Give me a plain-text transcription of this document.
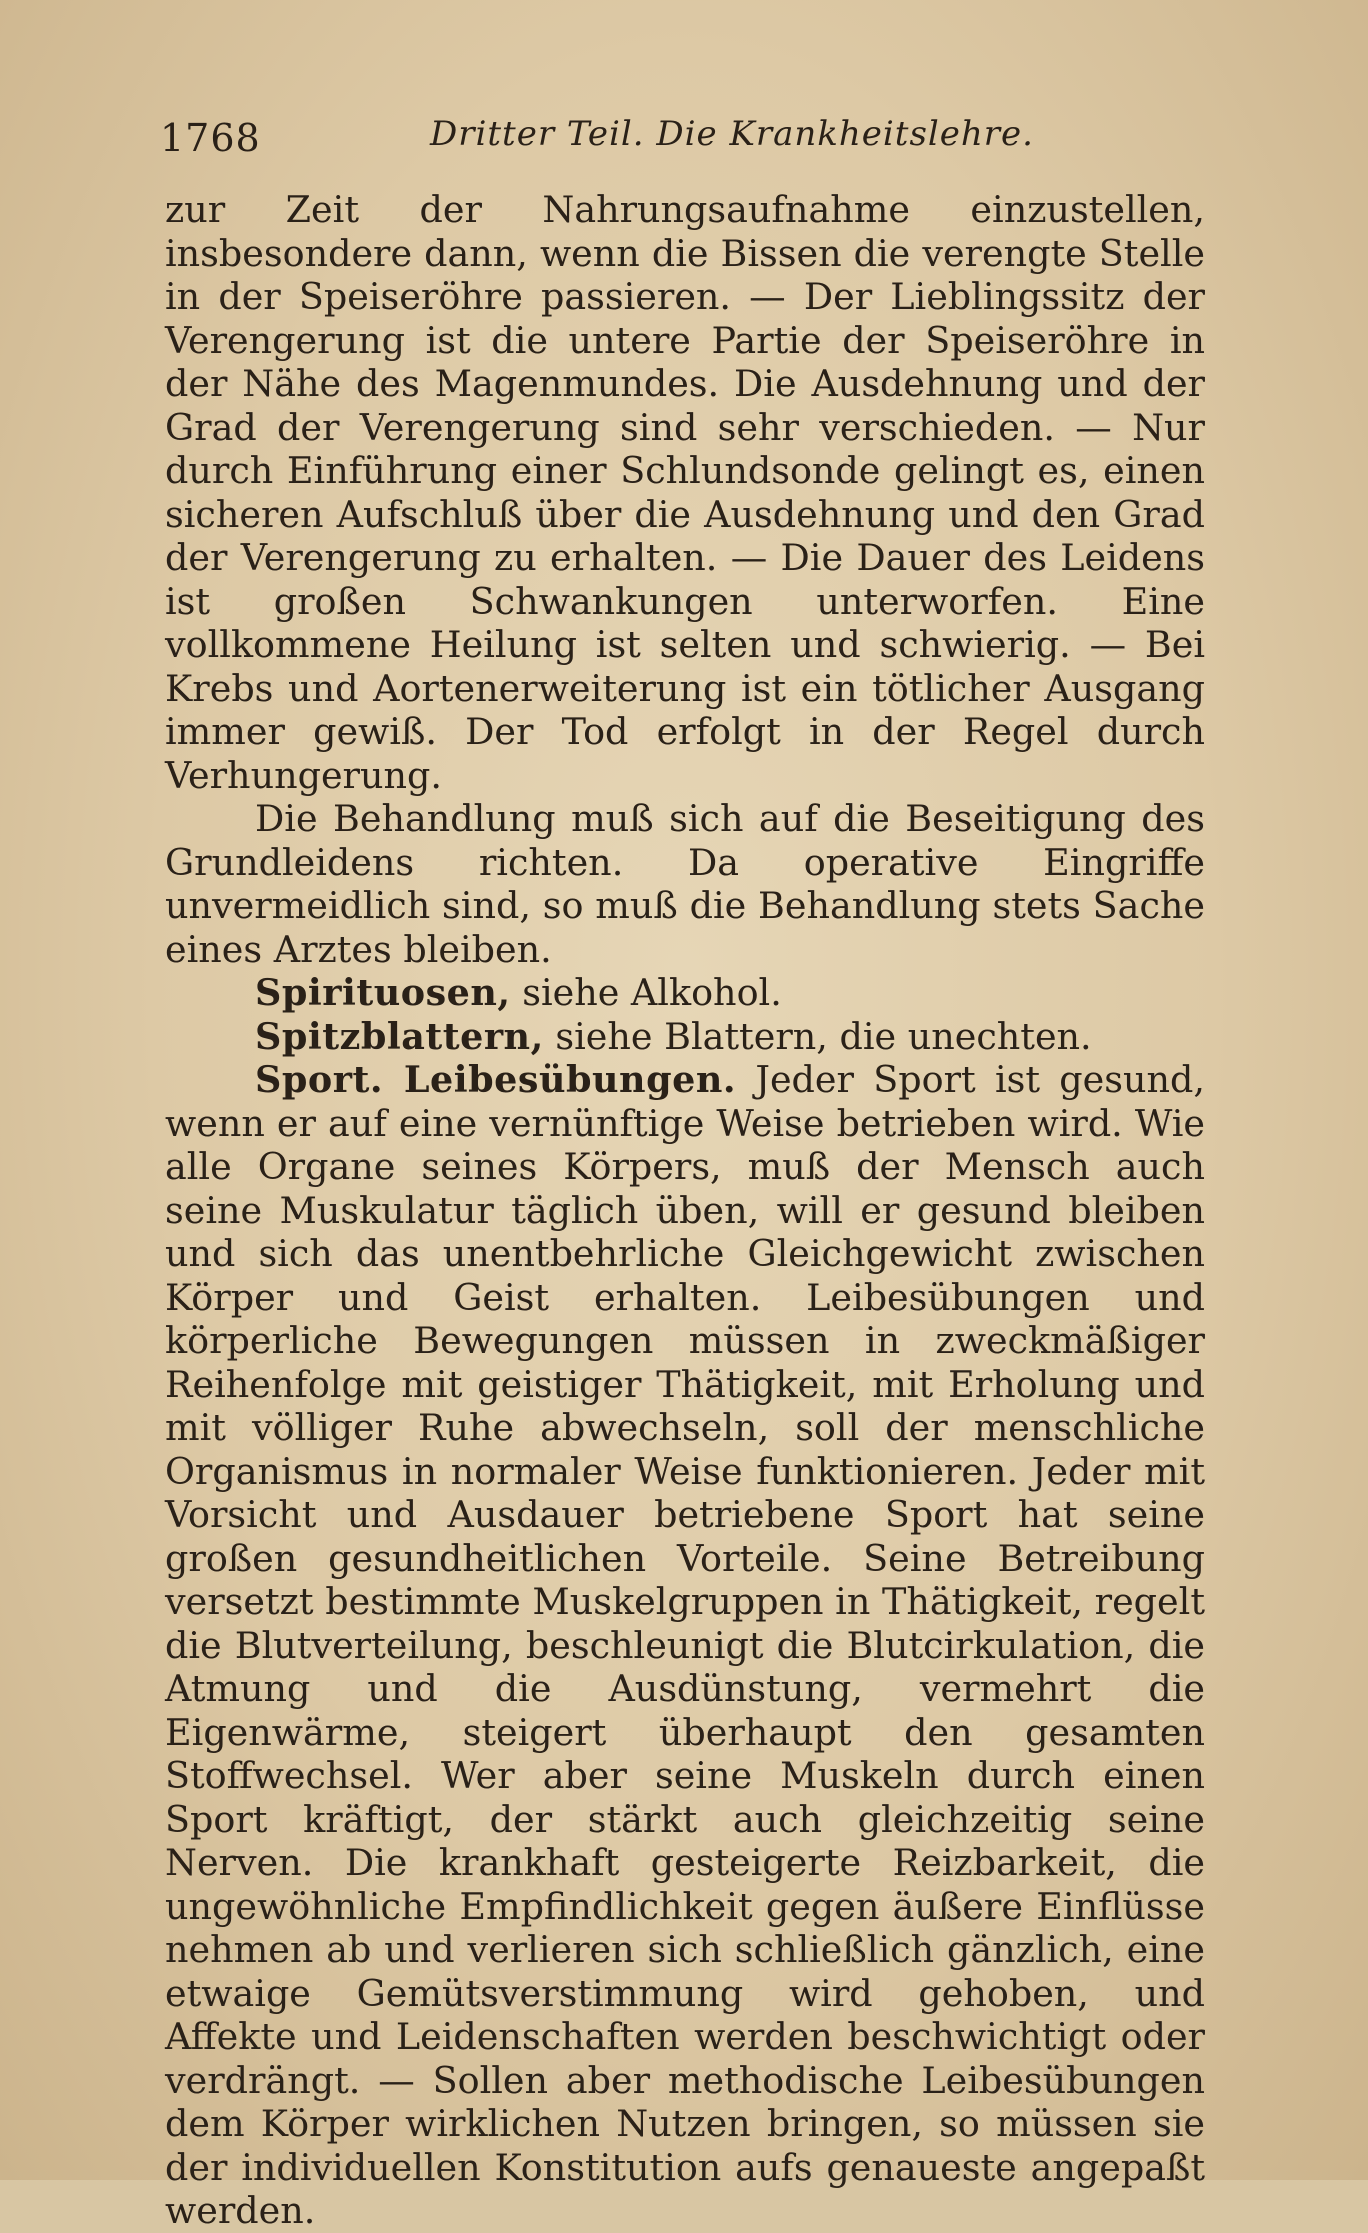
1768	Dritter Teil. Die Krankheitslehre.

zur Zeit der Nahrungsaufnahme einzustellen, insbesondere dann, wenn die Bissen die verengte Stelle in der Speiseröhre passieren. — Der Lieblingssitz der Verengerung ist die untere Partie der Speiseröhre in der Nähe des Magenmundes. Die Ausdehnung und der Grad der Verengerung sind sehr verschieden. — Nur durch Einführung einer Schlundsonde gelingt es, einen sicheren Aufschluß über die Ausdehnung und den Grad der Verengerung zu erhalten. — Die Dauer des Leidens ist großen Schwankungen unterworfen. Eine vollkommene Heilung ist selten und schwierig. — Bei Krebs und Aortenerweiterung ist ein tötlicher Ausgang immer gewiß. Der Tod erfolgt in der Regel durch Verhungerung.

Die Behandlung muß sich auf die Beseitigung des Grundleidens richten. Da operative Eingriffe unvermeidlich sind, so muß die Behandlung stets Sache eines Arztes bleiben.

Spirituosen, siehe Alkohol.

Spitzblattern, siehe Blattern, die unechten.

Sport. Leibesübungen. Jeder Sport ist gesund, wenn er auf eine vernünftige Weise betrieben wird. Wie alle Organe seines Körpers, muß der Mensch auch seine Muskulatur täglich üben, will er gesund bleiben und sich das unentbehrliche Gleichgewicht zwischen Körper und Geist erhalten. Leibesübungen und körperliche Bewegungen müssen in zweckmäßiger Reihenfolge mit geistiger Thätigkeit, mit Erholung und mit völliger Ruhe abwechseln, soll der menschliche Organismus in normaler Weise funktionieren. Jeder mit Vorsicht und Ausdauer betriebene Sport hat seine großen gesundheitlichen Vorteile. Seine Betreibung versetzt bestimmte Muskelgruppen in Thätigkeit, regelt die Blutverteilung, beschleunigt die Blutcirkulation, die Atmung und die Ausdünstung, vermehrt die Eigenwärme, steigert überhaupt den gesamten Stoffwechsel. Wer aber seine Muskeln durch einen Sport kräftigt, der stärkt auch gleichzeitig seine Nerven. Die krankhaft gesteigerte Reizbarkeit, die ungewöhnliche Empfindlichkeit gegen äußere Einflüsse nehmen ab und verlieren sich schließlich gänzlich, eine etwaige Gemütsverstimmung wird gehoben, und Affekte und Leidenschaften werden beschwichtigt oder verdrängt. — Sollen aber methodische Leibesübungen dem Körper wirklichen Nutzen bringen, so müssen sie der individuellen Konstitution aufs genaueste angepaßt werden.
